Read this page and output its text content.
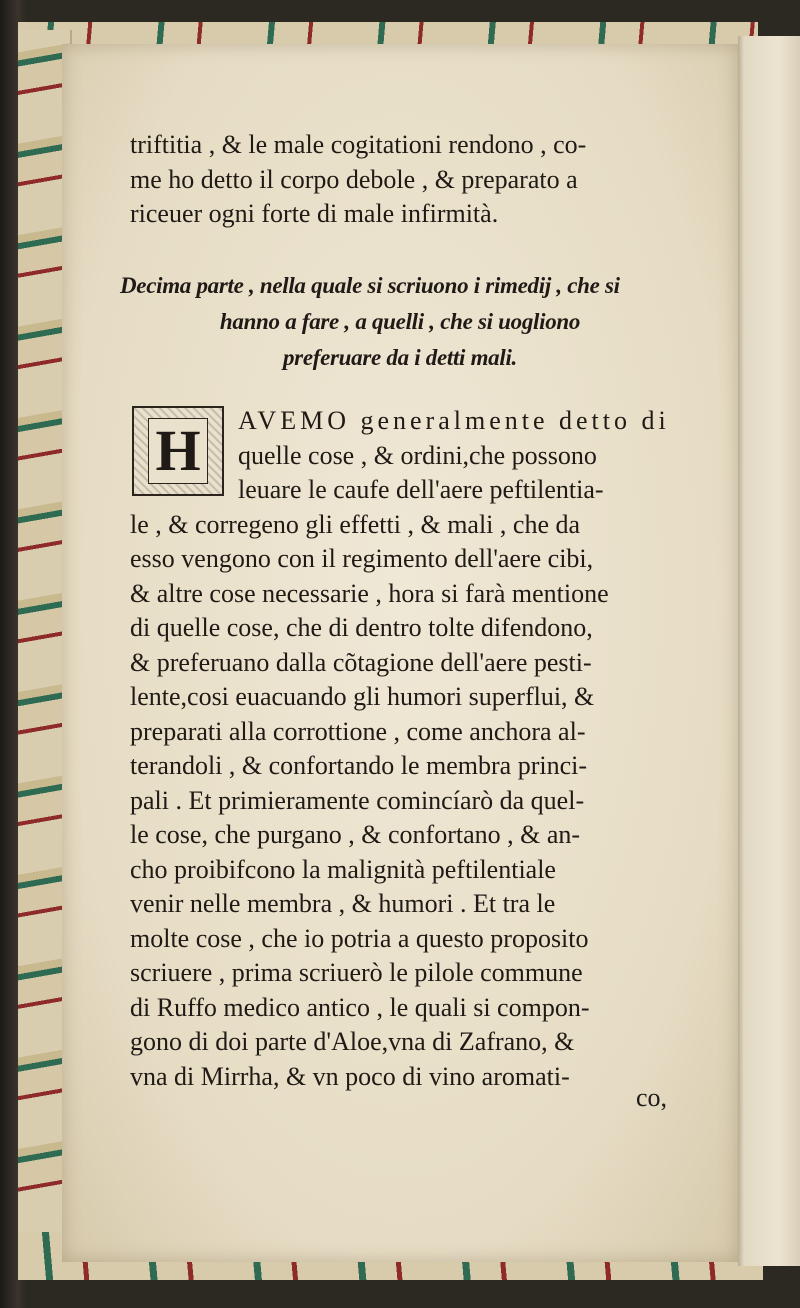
triftitia , & le male cogitationi rendono , co-
me ho detto il corpo debole , & preparato a
riceuer ogni forte di male infirmità.
Decima parte , nella quale si scriuono i rimedij , che si
hanno a fare , a quelli , che si uogliono
preferuare da i detti mali.
H	AVEMO generalmente detto di
quelle cose , & ordini,che possono
leuare le caufe dell'aere peftilentia-
le , & corregeno gli effetti , & mali , che da
esso vengono con il regimento dell'aere cibi,
& altre cose necessarie , hora si farà mentione
di quelle cose, che di dentro tolte difendono,
& preferuano dalla cõtagione dell'aere pesti-
lente,cosi euacuando gli humori superflui, &
preparati alla corrottione , come anchora al-
terandoli , & confortando le membra princi-
pali . Et primieramente comincíarò da quel-
le cose, che purgano , & confortano , & an-
cho proibifcono la malignità peftilentiale
venir nelle membra , & humori . Et tra le
molte cose , che io potria a questo proposito
scriuere , prima scriuerò le pilole commune
di Ruffo medico antico , le quali si compon-
gono di doi parte d'Aloe,vna di Zafrano, &
vna di Mirrha, & vn poco di vino aromati-
co,
